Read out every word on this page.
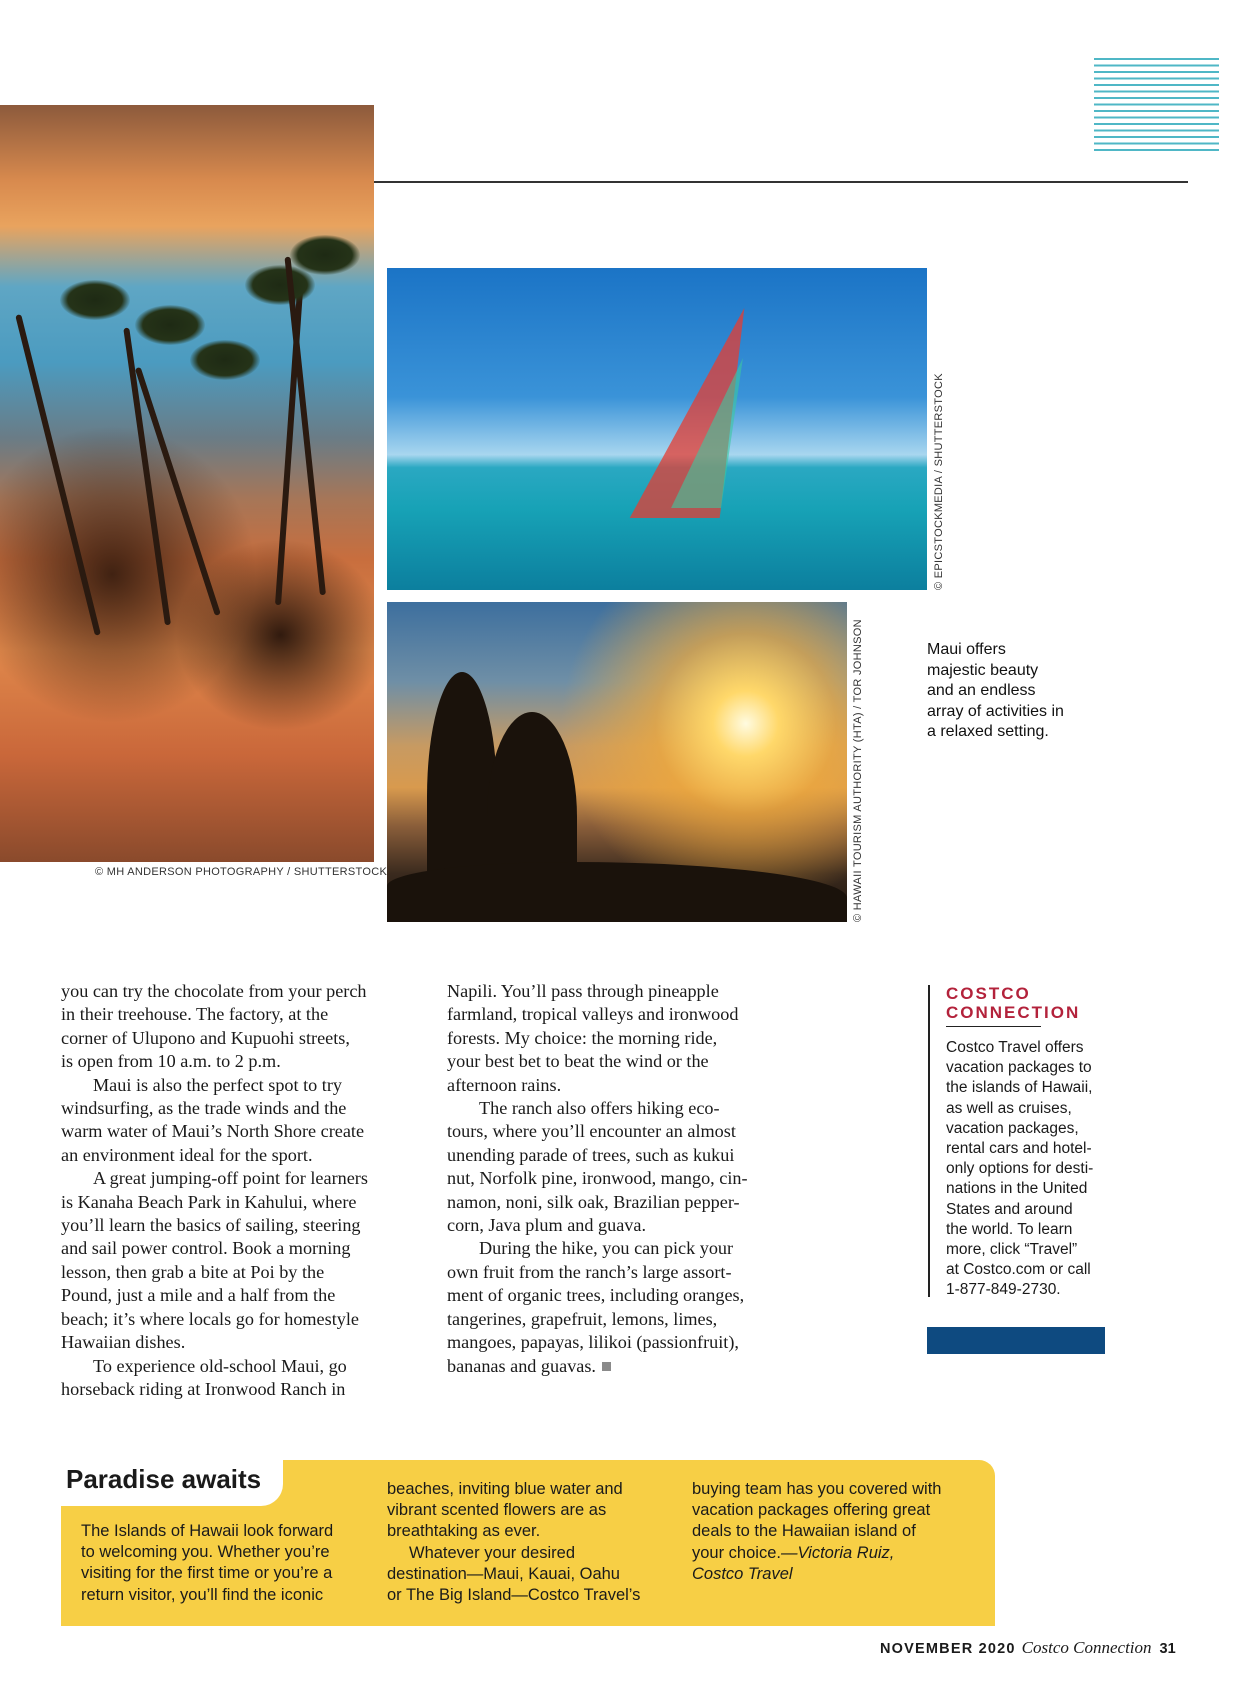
© MH ANDERSON PHOTOGRAPHY / SHUTTERSTOCK
© EPICSTOCKMEDIA / SHUTTERSTOCK
© HAWAII TOURISM AUTHORITY (HTA) / TOR JOHNSON	Maui offers
majestic beauty
and an endless
array of activities in
a relaxed setting.
you can try the chocolate from your perch
in their treehouse. The factory, at the
corner of Ulupono and Kupuohi streets,
is open from 10 a.m. to 2 p.m.
Maui is also the perfect spot to try
windsurfing, as the trade winds and the
warm water of Maui’s North Shore create
an environment ideal for the sport.
A great jumping-off point for learners
is Kanaha Beach Park in Kahului, where
you’ll learn the basics of sailing, steering
and sail power control. Book a morning
lesson, then grab a bite at Poi by the
Pound, just a mile and a half from the
beach; it’s where locals go for homestyle
Hawaiian dishes.
To experience old-school Maui, go
horseback riding at Ironwood Ranch in
Napili. You’ll pass through pineapple
farmland, tropical valleys and ironwood
forests. My choice: the morning ride,
your best bet to beat the wind or the
afternoon rains.
The ranch also offers hiking eco-
tours, where you’ll encounter an almost
unending parade of trees, such as kukui
nut, Norfolk pine, ironwood, mango, cin-
namon, noni, silk oak, Brazilian pepper-
corn, Java plum and guava.
During the hike, you can pick your
own fruit from the ranch’s large assort-
ment of organic trees, including oranges,
tangerines, grapefruit, lemons, limes,
mangoes, papayas, lilikoi (passionfruit),
bananas and guavas.
COSTCO
CONNECTION
Costco Travel offers
vacation packages to
the islands of Hawaii,
as well as cruises,
vacation packages,
rental cars and hotel-
only options for desti-
nations in the United
States and around
the world. To learn
more, click “Travel”
at Costco.com or call
1-877-849-2730.
Paradise awaits
The Islands of Hawaii look forward
to welcoming you. Whether you’re
visiting for the first time or you’re a
return visitor, you’ll find the iconic
beaches, inviting blue water and
vibrant scented flowers are as
breathtaking as ever.
Whatever your desired
destination—Maui, Kauai, Oahu
or The Big Island—Costco Travel’s
buying team has you covered with
vacation packages offering great
deals to the Hawaiian island of
your choice.—Victoria Ruiz,
Costco Travel
NOVEMBER 2020 Costco Connection 31
